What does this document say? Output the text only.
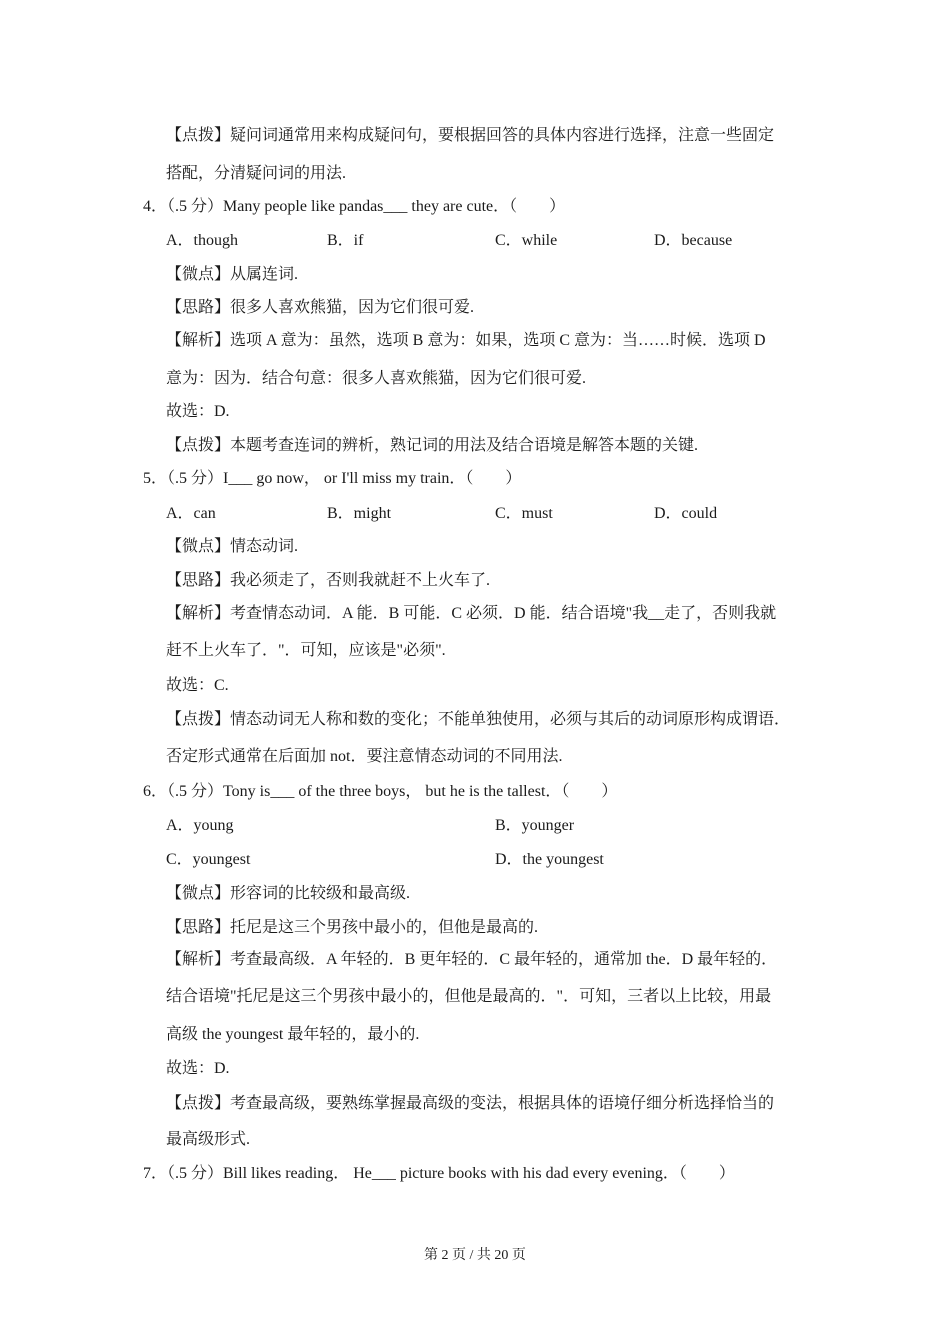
【点拨】疑问词通常用来构成疑问句，要根据回答的具体内容进行选择，注意一些固定
搭配，分清疑问词的用法.
4．（.5 分）Many people like pandas___ they are cute．（　　）
A．though	B．if	C．while	D．because
【微点】从属连词.
【思路】很多人喜欢熊猫，因为它们很可爱.
【解析】选项 A 意为：虽然，选项 B 意为：如果，选项 C 意为：当……时候．选项 D
意为：因为．结合句意：很多人喜欢熊猫，因为它们很可爱.
故选：D.
【点拨】本题考查连词的辨析，熟记词的用法及结合语境是解答本题的关键.
5．（.5 分）I___ go now， or I'll miss my train．（　　）
A．can	B．might	C．must	D．could
【微点】情态动词.
【思路】我必须走了，否则我就赶不上火车了.
【解析】考查情态动词．A 能．B 可能．C 必须．D 能．结合语境"我__走了，否则我就
赶不上火车了．"．可知，应该是"必须".
故选：C.
【点拨】情态动词无人称和数的变化；不能单独使用，必须与其后的动词原形构成谓语．
否定形式通常在后面加 not．要注意情态动词的不同用法.
6．（.5 分）Tony is___ of the three boys， but he is the tallest．（　　）
A．young	B．younger
C．youngest	D．the youngest
【微点】形容词的比较级和最高级.
【思路】托尼是这三个男孩中最小的，但他是最高的.
【解析】考查最高级．A 年轻的．B 更年轻的．C 最年轻的，通常加 the．D 最年轻的．
结合语境"托尼是这三个男孩中最小的，但他是最高的．"．可知，三者以上比较，用最
高级 the youngest 最年轻的，最小的.
故选：D.
【点拨】考查最高级，要熟练掌握最高级的变法，根据具体的语境仔细分析选择恰当的
最高级形式.
7．（.5 分）Bill likes reading． He___ picture books with his dad every evening．（　　）
第 2 页 / 共 20 页
